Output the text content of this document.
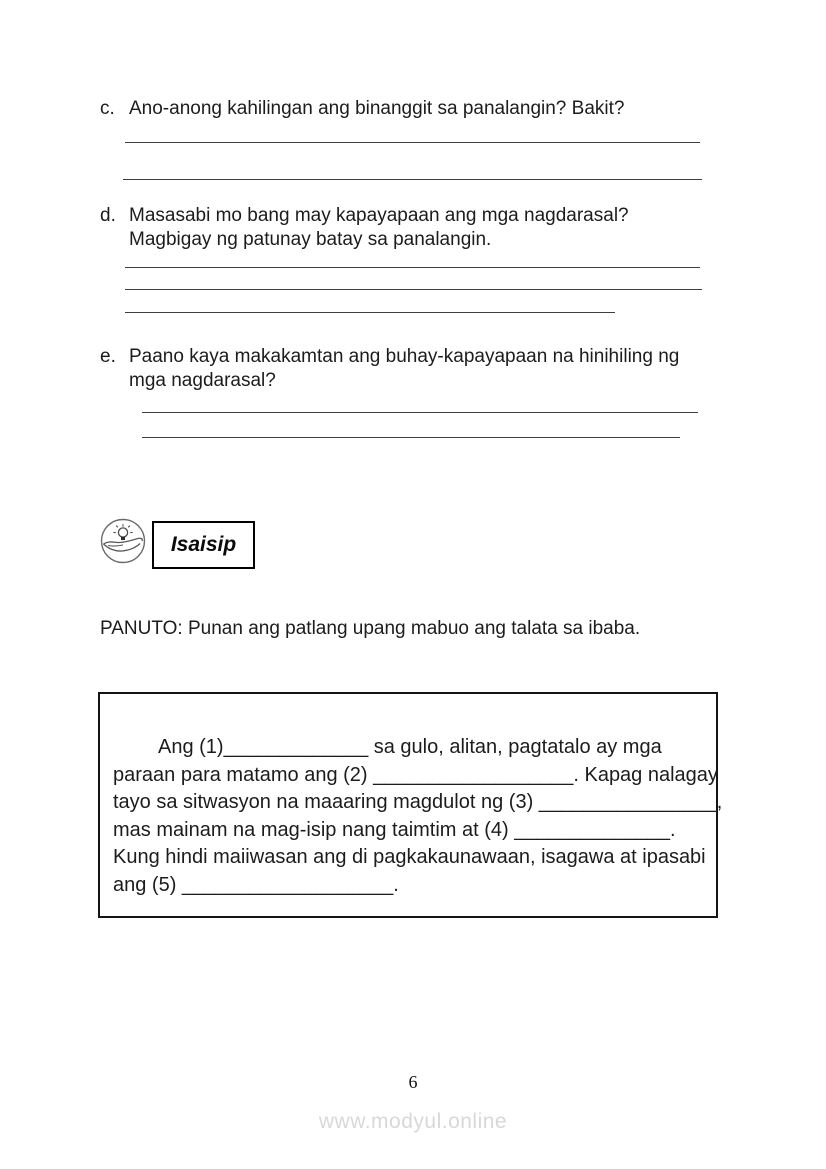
c. Ano-anong kahilingan ang binanggit sa panalangin? Bakit?
d. Masasabi mo bang may kapayapaan ang mga nagdarasal?
Magbigay ng patunay batay sa panalangin.
e. Paano kaya makakamtan ang buhay-kapayapaan na hinihiling ng
mga nagdarasal?
Isaisip
PANUTO: Punan ang patlang upang mabuo ang talata sa ibaba.
Ang (1)_____________ sa gulo, alitan, pagtatalo ay mga
paraan para matamo ang (2) __________________. Kapag nalagay
tayo sa sitwasyon na maaaring magdulot ng (3) ________________,
mas mainam na mag-isip nang taimtim at (4) ______________.
Kung hindi maiiwasan ang di pagkakaunawaan, isagawa at ipasabi
ang (5) ___________________.
6
www.modyul.online
